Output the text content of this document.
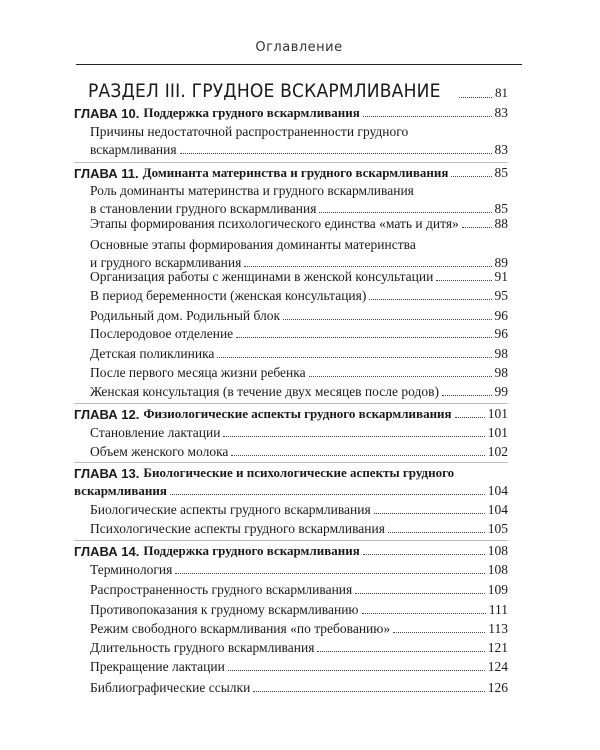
Оглавление
РАЗДЕЛ III. ГРУДНОЕ ВСКАРМЛИВАНИЕ	81
ГЛАВА 10. Поддержка грудного вскармливания	83
Причины недостаточной распространенности грудного
вскармливания	83
ГЛАВА 11. Доминанта материнства и грудного вскармливания	85
Роль доминанты материнства и грудного вскармливания
в становлении грудного вскармливания	85
Этапы формирования психологического единства «мать и дитя»	88
Основные этапы формирования доминанты материнства
и грудного вскармливания	89
Организация работы с женщинами в женской консультации	91
В период беременности (женская консультация)	95
Родильный дом. Родильный блок	96
Послеродовое отделение	96
Детская поликлиника	98
После первого месяца жизни ребенка	98
Женская консультация (в течение двух месяцев после родов)	99
ГЛАВА 12. Физиологические аспекты грудного вскармливания	101
Становление лактации	101
Объем женского молока	102
ГЛАВА 13. Биологические и психологические аспекты грудного
вскармливания	104
Биологические аспекты грудного вскармливания	104
Психологические аспекты грудного вскармливания	105
ГЛАВА 14. Поддержка грудного вскармливания	108
Терминология	108
Распространенность грудного вскармливания	109
Противопоказания к грудному вскармливанию	111
Режим свободного вскармливания «по требованию»	113
Длительность грудного вскармливания	121
Прекращение лактации	124
Библиографические ссылки	126
